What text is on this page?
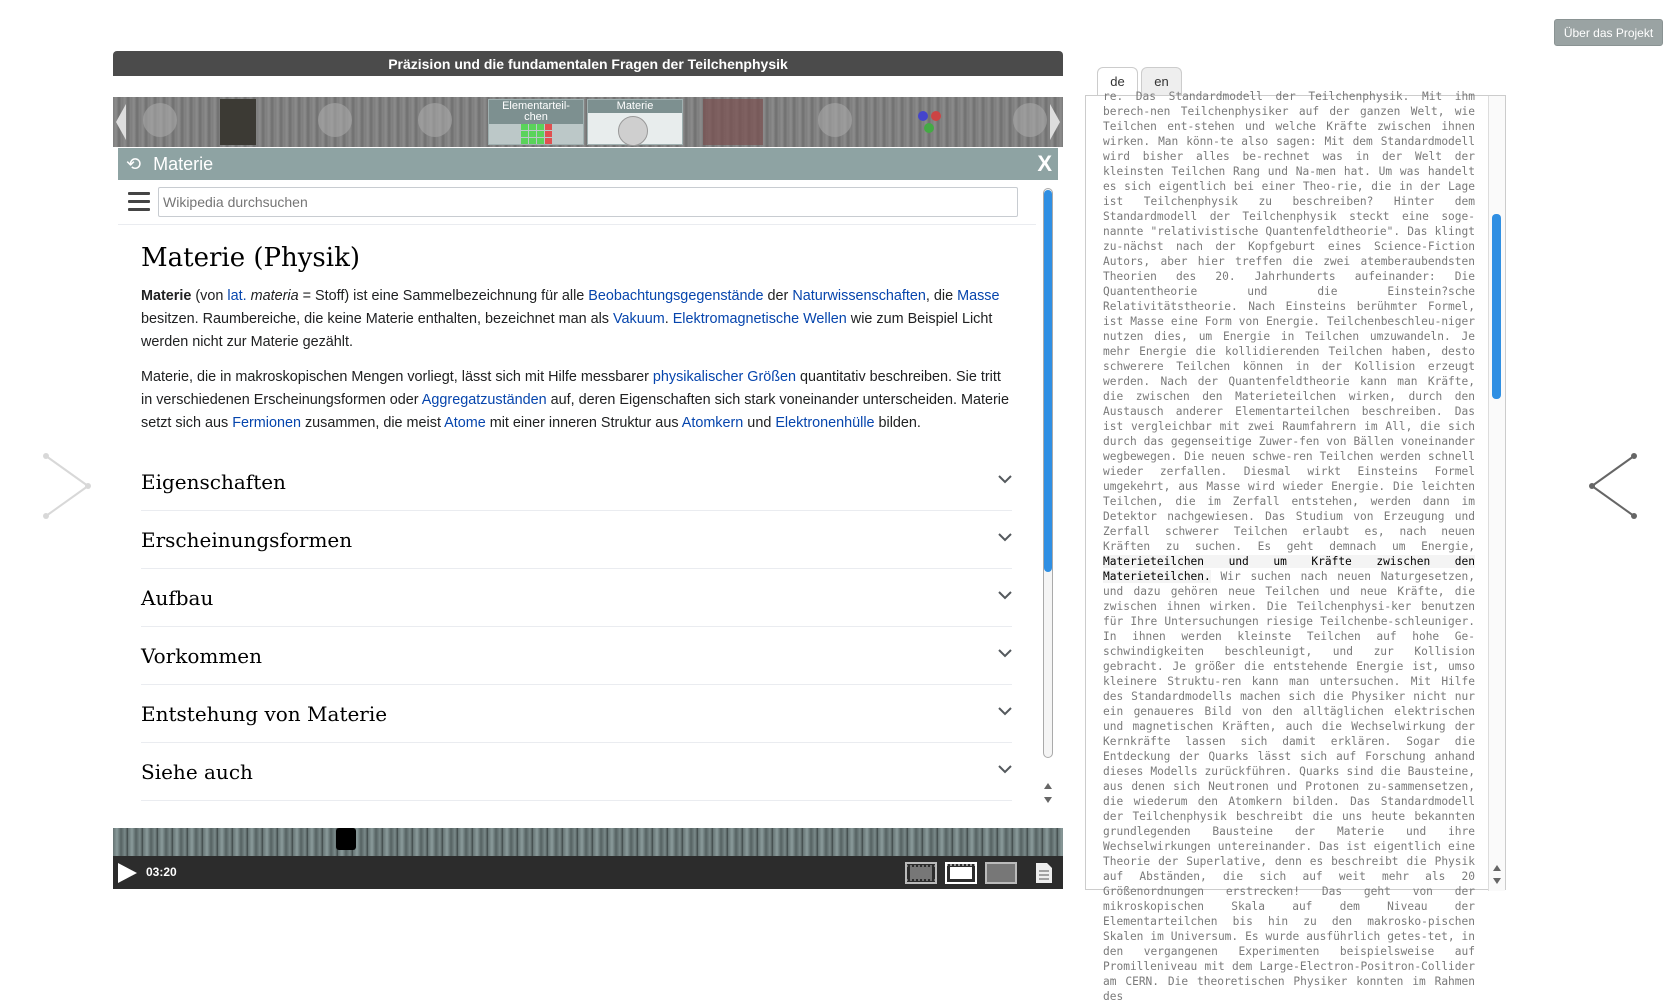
Über das Projekt
Präzision und die fundamentalen Fragen der Teilchenphysik
Elementarteil-chen
Materie
⟲ Materie	X
Wikipedia durchsuchen
Materie (Physik)
Materie (von lat. materia = Stoff) ist eine Sammelbezeichnung für alle Beobachtungsgegenstände der Naturwissenschaften, die Masse besitzen. Raumbereiche, die keine Materie enthalten, bezeichnet man als Vakuum. Elektromagnetische Wellen wie zum Beispiel Licht werden nicht zur Materie gezählt.
Materie, die in makroskopischen Mengen vorliegt, lässt sich mit Hilfe messbarer physikalischer Größen quantitativ beschreiben. Sie tritt in verschiedenen Erscheinungsformen oder Aggregatzuständen auf, deren Eigenschaften sich stark voneinander unterscheiden. Materie setzt sich aus Fermionen zusammen, die meist Atome mit einer inneren Struktur aus Atomkern und Elektronenhülle bilden.
Eigenschaften
Erscheinungsformen
Aufbau
Vorkommen
Entstehung von Materie
Siehe auch
03:20
de	en
re. Das Standardmodell der Teilchenphysik. Mit ihm berech-nen Teilchenphysiker auf der ganzen Welt, wie Teilchen ent-stehen und welche Kräfte zwischen ihnen wirken. Man könn-te also sagen: Mit dem Standardmodell wird bisher alles be-rechnet was in der Welt der kleinsten Teilchen Rang und Na-men hat. Um was handelt es sich eigentlich bei einer Theo-rie, die in der Lage ist Teilchenphysik zu beschreiben? Hinter dem Standardmodell der Teilchenphysik steckt eine soge-nannte "relativistische Quantenfeldtheorie". Das klingt zu-nächst nach der Kopfgeburt eines Science-Fiction Autors, aber hier treffen die zwei atemberaubendsten Theorien des 20. Jahrhunderts aufeinander: Die Quantentheorie und die Einstein?sche Relativitätstheorie. Nach Einsteins berühmter Formel, ist Masse eine Form von Energie. Teilchenbeschleu-niger nutzen dies, um Energie in Teilchen umzuwandeln. Je mehr Energie die kollidierenden Teilchen haben, desto schwerere Teilchen können in der Kollision erzeugt werden. Nach der Quantenfeldtheorie kann man Kräfte, die zwischen den Materieteilchen wirken, durch den Austausch anderer Elementarteilchen beschreiben. Das ist vergleichbar mit zwei Raumfahrern im All, die sich durch das gegenseitige Zuwer-fen von Bällen voneinander wegbewegen. Die neuen schwe-ren Teilchen werden schnell wieder zerfallen. Diesmal wirkt Einsteins Formel umgekehrt, aus Masse wird wieder Energie. Die leichten Teilchen, die im Zerfall entstehen, werden dann im Detektor nachgewiesen. Das Studium von Erzeugung und Zerfall schwerer Teilchen erlaubt es, nach neuen Kräften zu suchen. Es geht demnach um Energie, Materieteilchen und um Kräfte zwischen den Materieteilchen. Wir suchen nach neuen Naturgesetzen, und dazu gehören neue Teilchen und neue Kräfte, die zwischen ihnen wirken. Die Teilchenphysi-ker benutzen für Ihre Untersuchungen riesige Teilchenbe-schleuniger. In ihnen werden kleinste Teilchen auf hohe Ge-schwindigkeiten beschleunigt, und zur Kollision gebracht. Je größer die entstehende Energie ist, umso kleinere Struktu-ren kann man untersuchen. Mit Hilfe des Standardmodells machen sich die Physiker nicht nur ein genaueres Bild von den alltäglichen elektrischen und magnetischen Kräften, auch die Wechselwirkung der Kernkräfte lassen sich damit erklären. Sogar die Entdeckung der Quarks lässt sich auf Forschung anhand dieses Modells zurückführen. Quarks sind die Bausteine, aus denen sich Neutronen und Protonen zu-sammensetzen, die wiederum den Atomkern bilden. Das Standardmodell der Teilchenphysik beschreibt die uns heute bekannten grundlegenden Bausteine der Materie und ihre Wechselwirkungen untereinander. Das ist eigentlich eine Theorie der Superlative, denn es beschreibt die Physik auf Abständen, die sich auf weit mehr als 20 Größenordnungen erstrecken! Das geht von der mikroskopischen Skala auf dem Niveau der Elementarteilchen bis hin zu den makrosko-pischen Skalen im Universum. Es wurde ausführlich getes-tet, in den vergangenen Experimenten beispielsweise auf Promilleniveau mit dem Large-Electron-Positron-Collider am CERN. Die theoretischen Physiker konnten im Rahmen des
